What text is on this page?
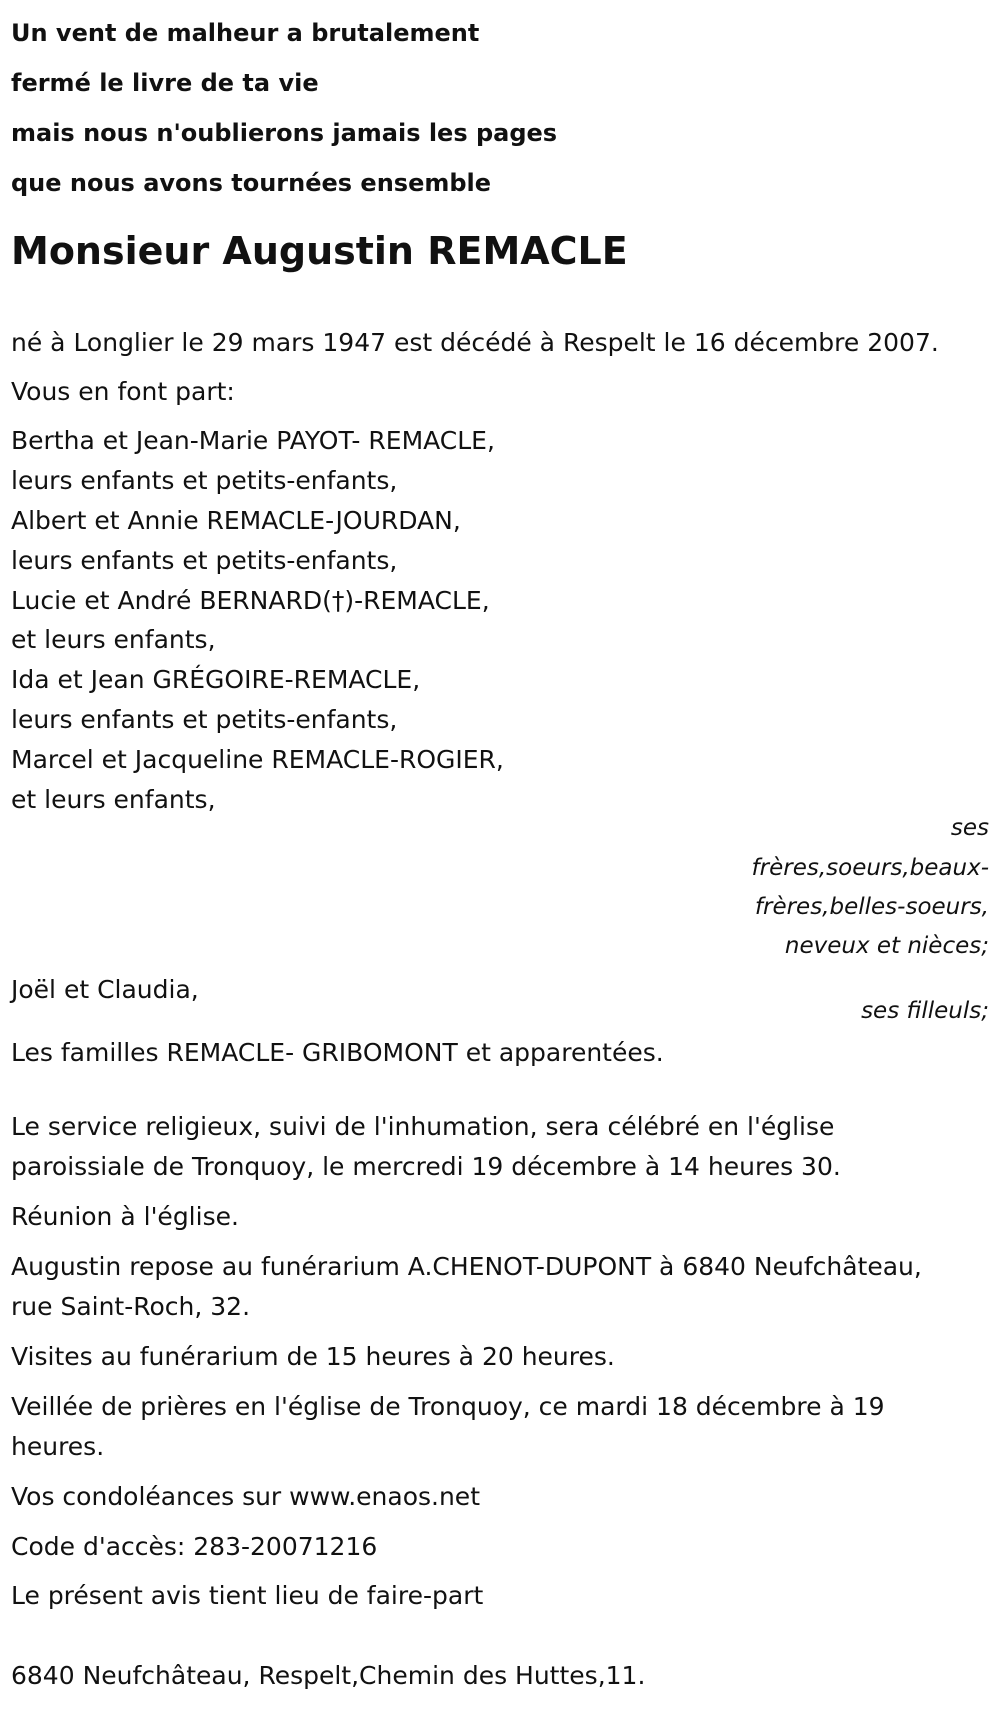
Un vent de malheur a brutalement
fermé le livre de ta vie
mais nous n'oublierons jamais les pages
que nous avons tournées ensemble
Monsieur Augustin REMACLE
né à Longlier le 29 mars 1947 est décédé à Respelt le 16 décembre 2007.
Vous en font part:
Bertha et Jean-Marie PAYOT- REMACLE,
leurs enfants et petits-enfants,
Albert et Annie REMACLE-JOURDAN,
leurs enfants et petits-enfants,
Lucie et André BERNARD(†)-REMACLE,
et leurs enfants,
Ida et Jean GRÉGOIRE-REMACLE,
leurs enfants et petits-enfants,
Marcel et Jacqueline REMACLE-ROGIER,
et leurs enfants,
ses
frères,soeurs,beaux-
frères,belles-soeurs,
neveux et nièces;
Joël et Claudia,
ses filleuls;
Les familles REMACLE- GRIBOMONT et apparentées.
Le service religieux, suivi de l'inhumation, sera célébré en l'église
paroissiale de Tronquoy, le mercredi 19 décembre à 14 heures 30.
Réunion à l'église.
Augustin repose au funérarium A.CHENOT-DUPONT à 6840 Neufchâteau,
rue Saint-Roch, 32.
Visites au funérarium de 15 heures à 20 heures.
Veillée de prières en l'église de Tronquoy, ce mardi 18 décembre à 19
heures.
Vos condoléances sur www.enaos.net
Code d'accès: 283-20071216
Le présent avis tient lieu de faire-part
6840 Neufchâteau, Respelt,Chemin des Huttes,11.
